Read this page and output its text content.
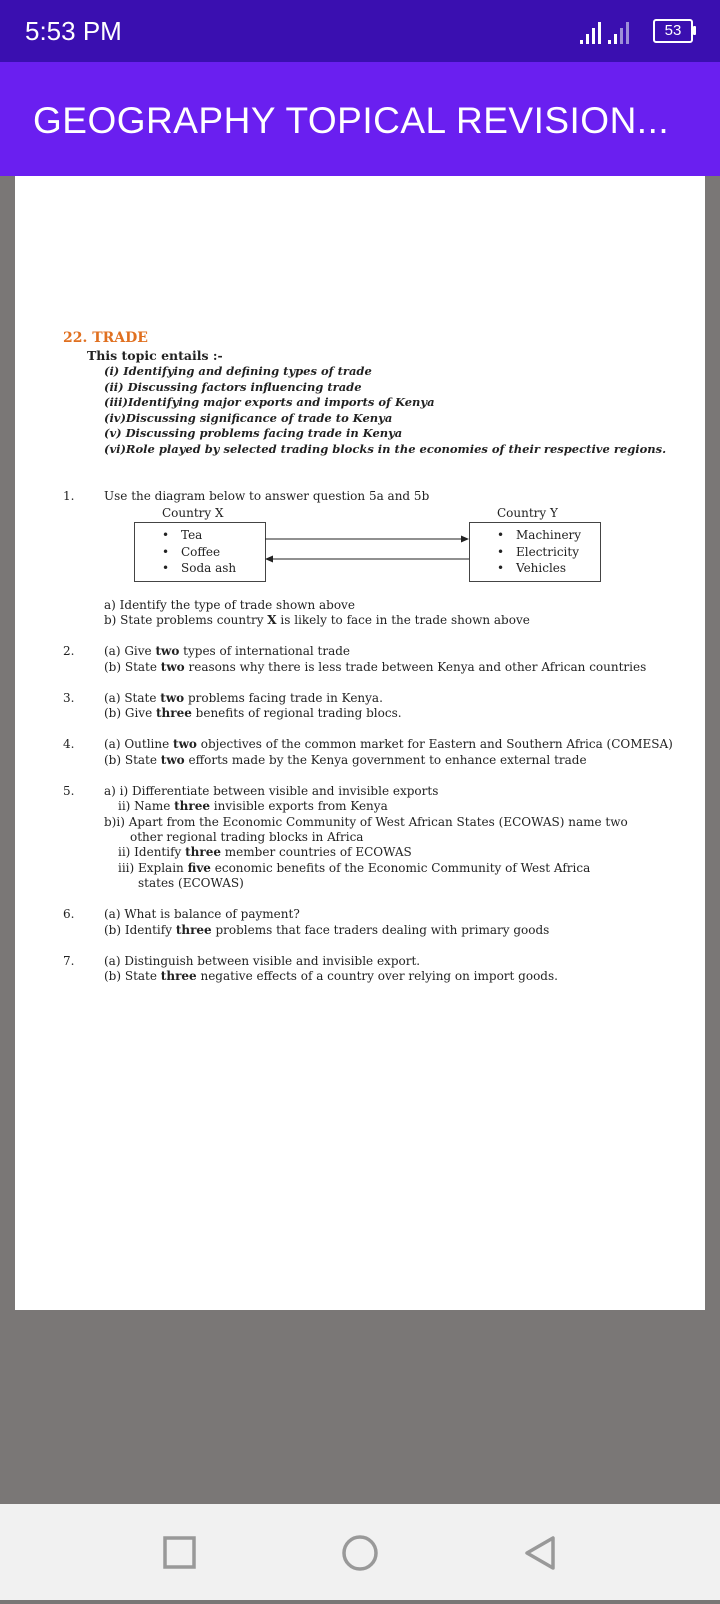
5:53 PM	53
GEOGRAPHY TOPICAL REVISION...
22. TRADE
This topic entails :-
(i) Identifying and defining types of trade
(ii) Discussing factors influencing trade
(iii)Identifying major exports and imports of Kenya
(iv)Discussing significance of trade to Kenya
(v) Discussing problems facing trade in Kenya
(vi)Role played by selected trading blocks in the economies of their respective regions.
1. Use the diagram below to answer question 5a and 5b
Country X	Country Y
• Tea
• Coffee
• Soda ash
• Machinery
• Electricity
• Vehicles
a) Identify the type of trade shown above
b) State problems country X is likely to face in the trade shown above
2. (a) Give two types of international trade
(b) State two reasons why there is less trade between Kenya and other African countries
3. (a) State two problems facing trade in Kenya.
(b) Give three benefits of regional trading blocs.
4. (a) Outline two objectives of the common market for Eastern and Southern Africa (COMESA)
(b) State two efforts made by the Kenya government to enhance external trade
5. a) i) Differentiate between visible and invisible exports
ii) Name three invisible exports from Kenya
b)i) Apart from the Economic Community of West African States (ECOWAS) name two
other regional trading blocks in Africa
ii) Identify three member countries of ECOWAS
iii) Explain five economic benefits of the Economic Community of West Africa
states (ECOWAS)
6. (a) What is balance of payment?
(b) Identify three problems that face traders dealing with primary goods
7. (a) Distinguish between visible and invisible export.
(b) State three negative effects of a country over relying on import goods.
